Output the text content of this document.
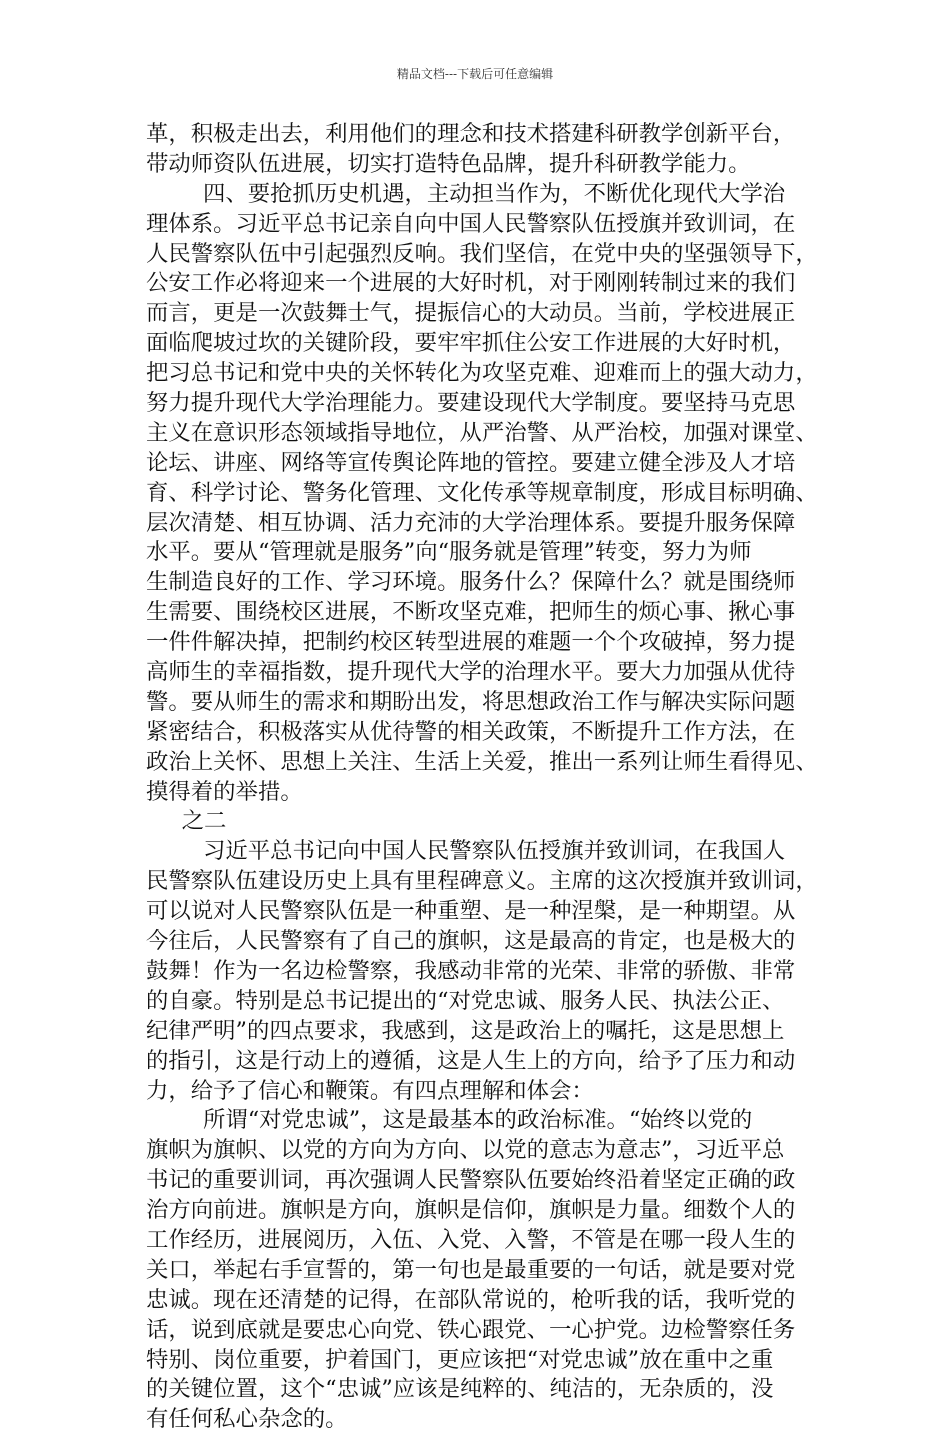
精品文档---下载后可任意编辑
革，积极走出去，利用他们的理念和技术搭建科研教学创新平台，
带动师资队伍进展，切实打造特色品牌，提升科研教学能力。
四、要抢抓历史机遇，主动担当作为，不断优化现代大学治
理体系。习近平总书记亲自向中国人民警察队伍授旗并致训词，在
人民警察队伍中引起强烈反响。我们坚信，在党中央的坚强领导下，
公安工作必将迎来一个进展的大好时机，对于刚刚转制过来的我们
而言，更是一次鼓舞士气，提振信心的大动员。当前，学校进展正
面临爬坡过坎的关键阶段，要牢牢抓住公安工作进展的大好时机，
把习总书记和党中央的关怀转化为攻坚克难、迎难而上的强大动力，
努力提升现代大学治理能力。要建设现代大学制度。要坚持马克思
主义在意识形态领域指导地位，从严治警、从严治校，加强对课堂、
论坛、讲座、网络等宣传舆论阵地的管控。要建立健全涉及人才培
育、科学讨论、警务化管理、文化传承等规章制度，形成目标明确、
层次清楚、相互协调、活力充沛的大学治理体系。要提升服务保障
水平。要从“管理就是服务”向“服务就是管理”转变，努力为师
生制造良好的工作、学习环境。服务什么？保障什么？就是围绕师
生需要、围绕校区进展，不断攻坚克难，把师生的烦心事、揪心事
一件件解决掉，把制约校区转型进展的难题一个个攻破掉，努力提
高师生的幸福指数，提升现代大学的治理水平。要大力加强从优待
警。要从师生的需求和期盼出发，将思想政治工作与解决实际问题
紧密结合，积极落实从优待警的相关政策，不断提升工作方法，在
政治上关怀、思想上关注、生活上关爱，推出一系列让师生看得见、
摸得着的举措。
之二
习近平总书记向中国人民警察队伍授旗并致训词，在我国人
民警察队伍建设历史上具有里程碑意义。主席的这次授旗并致训词，
可以说对人民警察队伍是一种重塑、是一种涅槃，是一种期望。从
今往后，人民警察有了自己的旗帜，这是最高的肯定，也是极大的
鼓舞！作为一名边检警察，我感动非常的光荣、非常的骄傲、非常
的自豪。特别是总书记提出的“对党忠诚、服务人民、执法公正、
纪律严明”的四点要求，我感到，这是政治上的嘱托，这是思想上
的指引，这是行动上的遵循，这是人生上的方向，给予了压力和动
力，给予了信心和鞭策。有四点理解和体会：
所谓“对党忠诚”，这是最基本的政治标准。“始终以党的
旗帜为旗帜、以党的方向为方向、以党的意志为意志”，习近平总
书记的重要训词，再次强调人民警察队伍要始终沿着坚定正确的政
治方向前进。旗帜是方向，旗帜是信仰，旗帜是力量。细数个人的
工作经历，进展阅历，入伍、入党、入警，不管是在哪一段人生的
关口，举起右手宣誓的，第一句也是最重要的一句话，就是要对党
忠诚。现在还清楚的记得，在部队常说的，枪听我的话，我听党的
话，说到底就是要忠心向党、铁心跟党、一心护党。边检警察任务
特别、岗位重要，护着国门，更应该把“对党忠诚”放在重中之重
的关键位置，这个“忠诚”应该是纯粹的、纯洁的，无杂质的，没
有任何私心杂念的。
